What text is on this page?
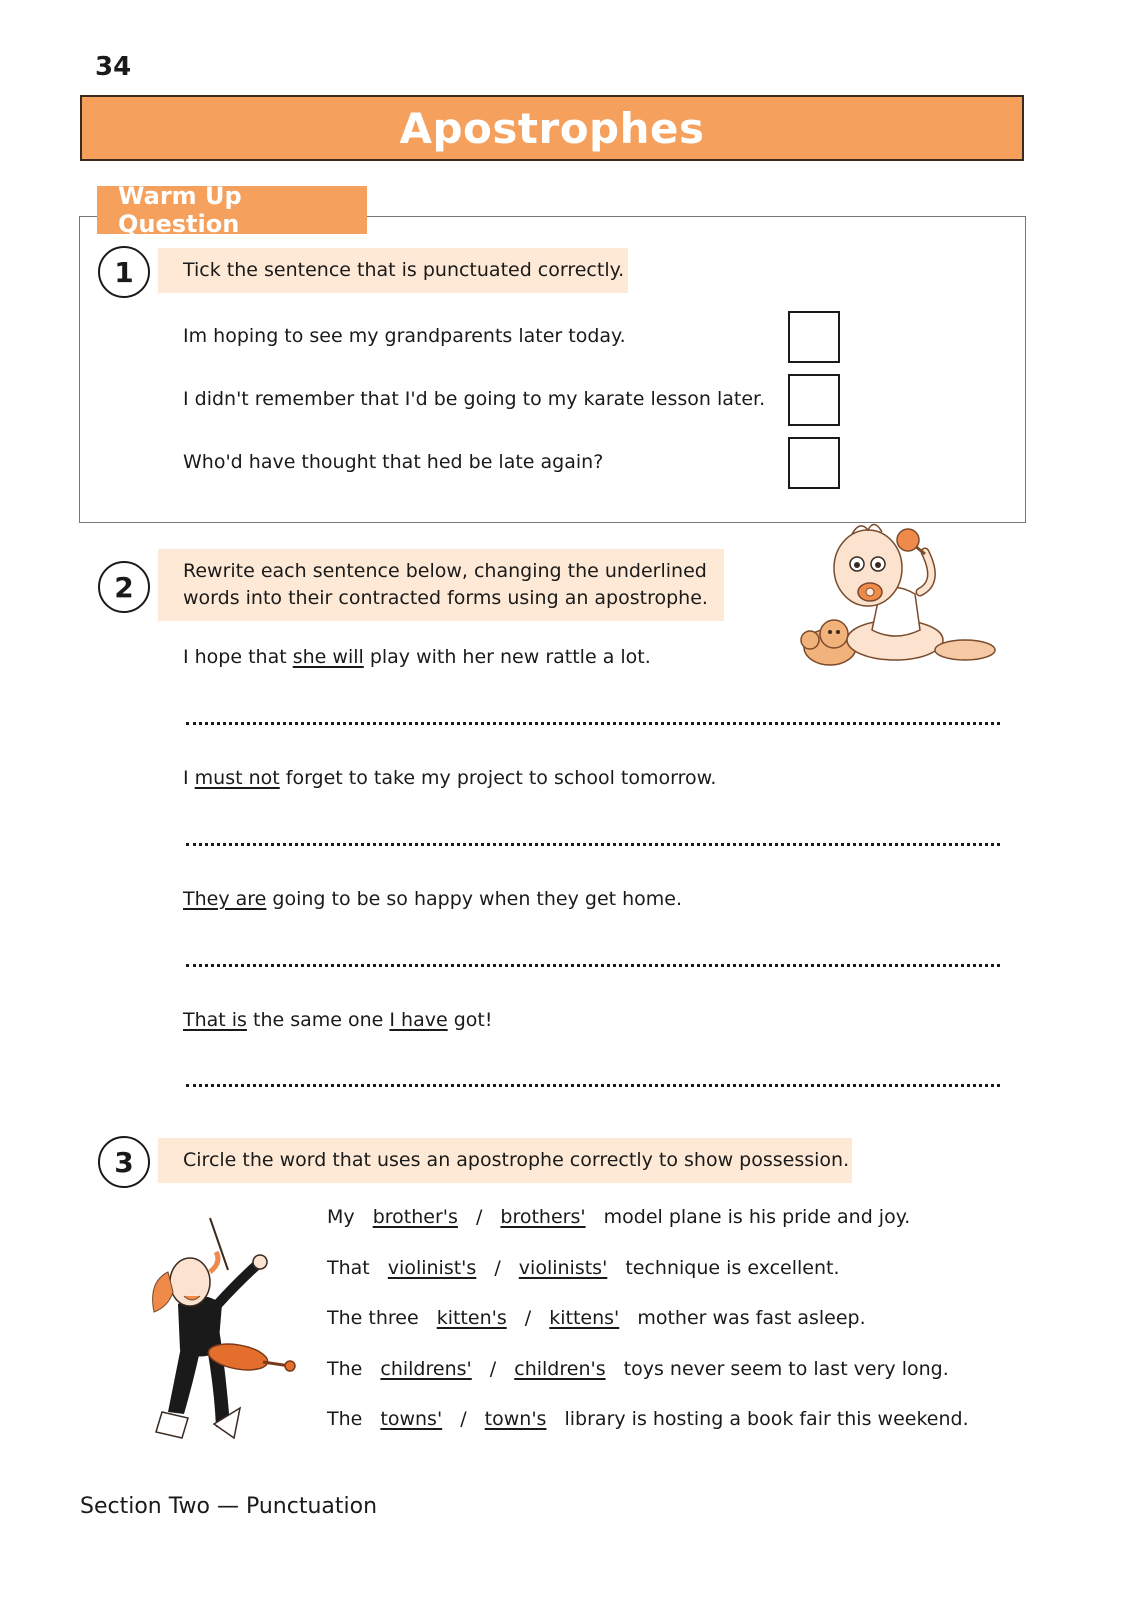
34
Apostrophes
Warm Up Question
1	Tick the sentence that is punctuated correctly.
Im hoping to see my grandparents later today.
I didn't remember that I'd be going to my karate lesson later.
Who'd have thought that hed be late again?
2	Rewrite each sentence below, changing the underlined
words into their contracted forms using an apostrophe.
I hope that she will play with her new rattle a lot.
I must not forget to take my project to school tomorrow.
They are going to be so happy when they get home.
That is the same one I have got!
3	Circle the word that uses an apostrophe correctly to show possession.
My brother's / brothers' model plane is his pride and joy.
That violinist's / violinists' technique is excellent.
The three kitten's / kittens' mother was fast asleep.
The childrens' / children's toys never seem to last very long.
The towns' / town's library is hosting a book fair this weekend.
Section Two — Punctuation
